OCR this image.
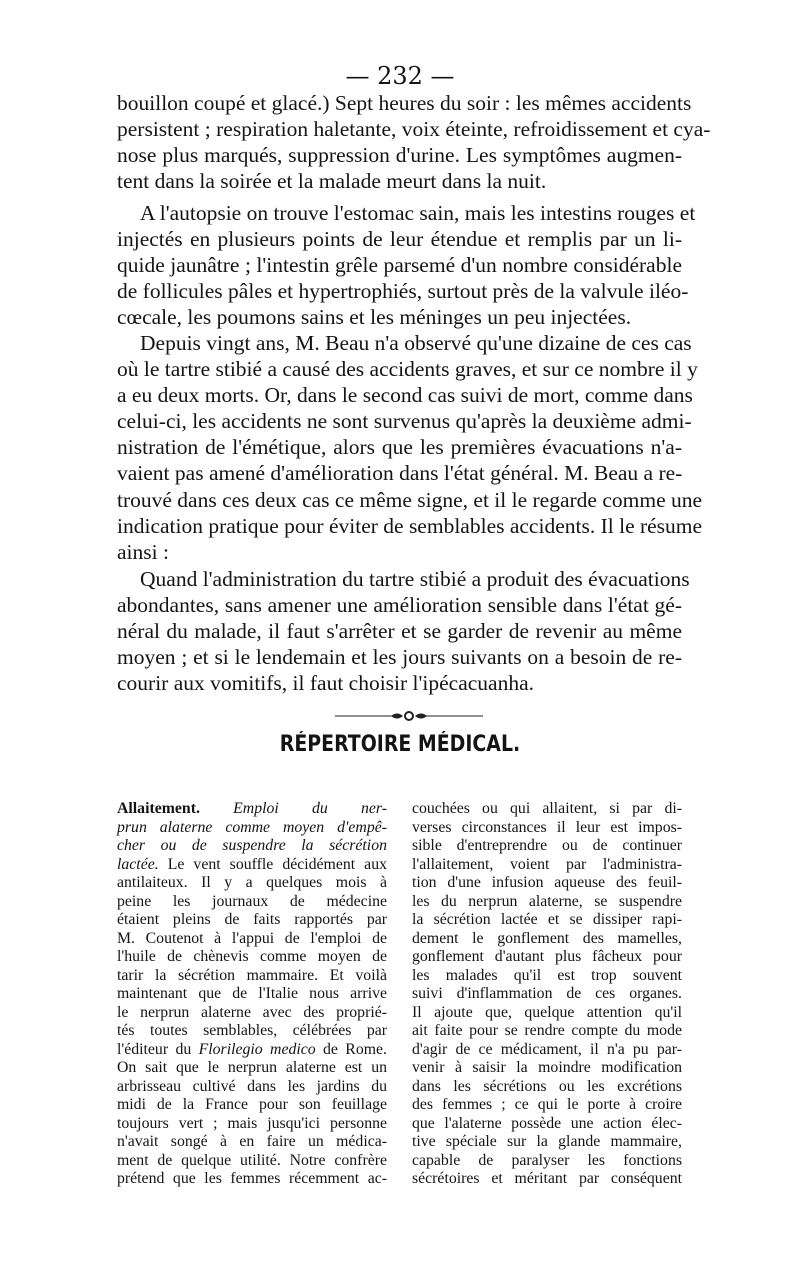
— 232 —
bouillon coupé et glacé.) Sept heures du soir : les mêmes accidents
persistent ; respiration haletante, voix éteinte, refroidissement et cya-
nose plus marqués, suppression d'urine. Les symptômes augmen-
tent dans la soirée et la malade meurt dans la nuit.
A l'autopsie on trouve l'estomac sain, mais les intestins rouges et
injectés en plusieurs points de leur étendue et remplis par un li-
quide jaunâtre ; l'intestin grêle parsemé d'un nombre considérable
de follicules pâles et hypertrophiés, surtout près de la valvule iléo-
cœcale, les poumons sains et les méninges un peu injectées.
Depuis vingt ans, M. Beau n'a observé qu'une dizaine de ces cas
où le tartre stibié a causé des accidents graves, et sur ce nombre il y
a eu deux morts. Or, dans le second cas suivi de mort, comme dans
celui-ci, les accidents ne sont survenus qu'après la deuxième admi-
nistration de l'émétique, alors que les premières évacuations n'a-
vaient pas amené d'amélioration dans l'état général. M. Beau a re-
trouvé dans ces deux cas ce même signe, et il le regarde comme une
indication pratique pour éviter de semblables accidents. Il le résume
ainsi :
Quand l'administration du tartre stibié a produit des évacuations
abondantes, sans amener une amélioration sensible dans l'état gé-
néral du malade, il faut s'arrêter et se garder de revenir au même
moyen ; et si le lendemain et les jours suivants on a besoin de re-
courir aux vomitifs, il faut choisir l'ipécacuanha.
RÉPERTOIRE MÉDICAL.
Allaitement. Emploi du ner-
prun alaterne comme moyen d'empê-
cher ou de suspendre la sécrétion
lactée. Le vent souffle décidément aux
antilaiteux. Il y a quelques mois à
peine les journaux de médecine
étaient pleins de faits rapportés par
M. Coutenot à l'appui de l'emploi de
l'huile de chènevis comme moyen de
tarir la sécrétion mammaire. Et voilà
maintenant que de l'Italie nous arrive
le nerprun alaterne avec des proprié-
tés toutes semblables, célébrées par
l'éditeur du Florilegio medico de Rome.
On sait que le nerprun alaterne est un
arbrisseau cultivé dans les jardins du
midi de la France pour son feuillage
toujours vert ; mais jusqu'ici personne
n'avait songé à en faire un médica-
ment de quelque utilité. Notre confrère
prétend que les femmes récemment ac-
couchées ou qui allaitent, si par di-
verses circonstances il leur est impos-
sible d'entreprendre ou de continuer
l'allaitement, voient par l'administra-
tion d'une infusion aqueuse des feuil-
les du nerprun alaterne, se suspendre
la sécrétion lactée et se dissiper rapi-
dement le gonflement des mamelles,
gonflement d'autant plus fâcheux pour
les malades qu'il est trop souvent
suivi d'inflammation de ces organes.
Il ajoute que, quelque attention qu'il
ait faite pour se rendre compte du mode
d'agir de ce médicament, il n'a pu par-
venir à saisir la moindre modification
dans les sécrétions ou les excrétions
des femmes ; ce qui le porte à croire
que l'alaterne possède une action élec-
tive spéciale sur la glande mammaire,
capable de paralyser les fonctions
sécrétoires et méritant par conséquent
